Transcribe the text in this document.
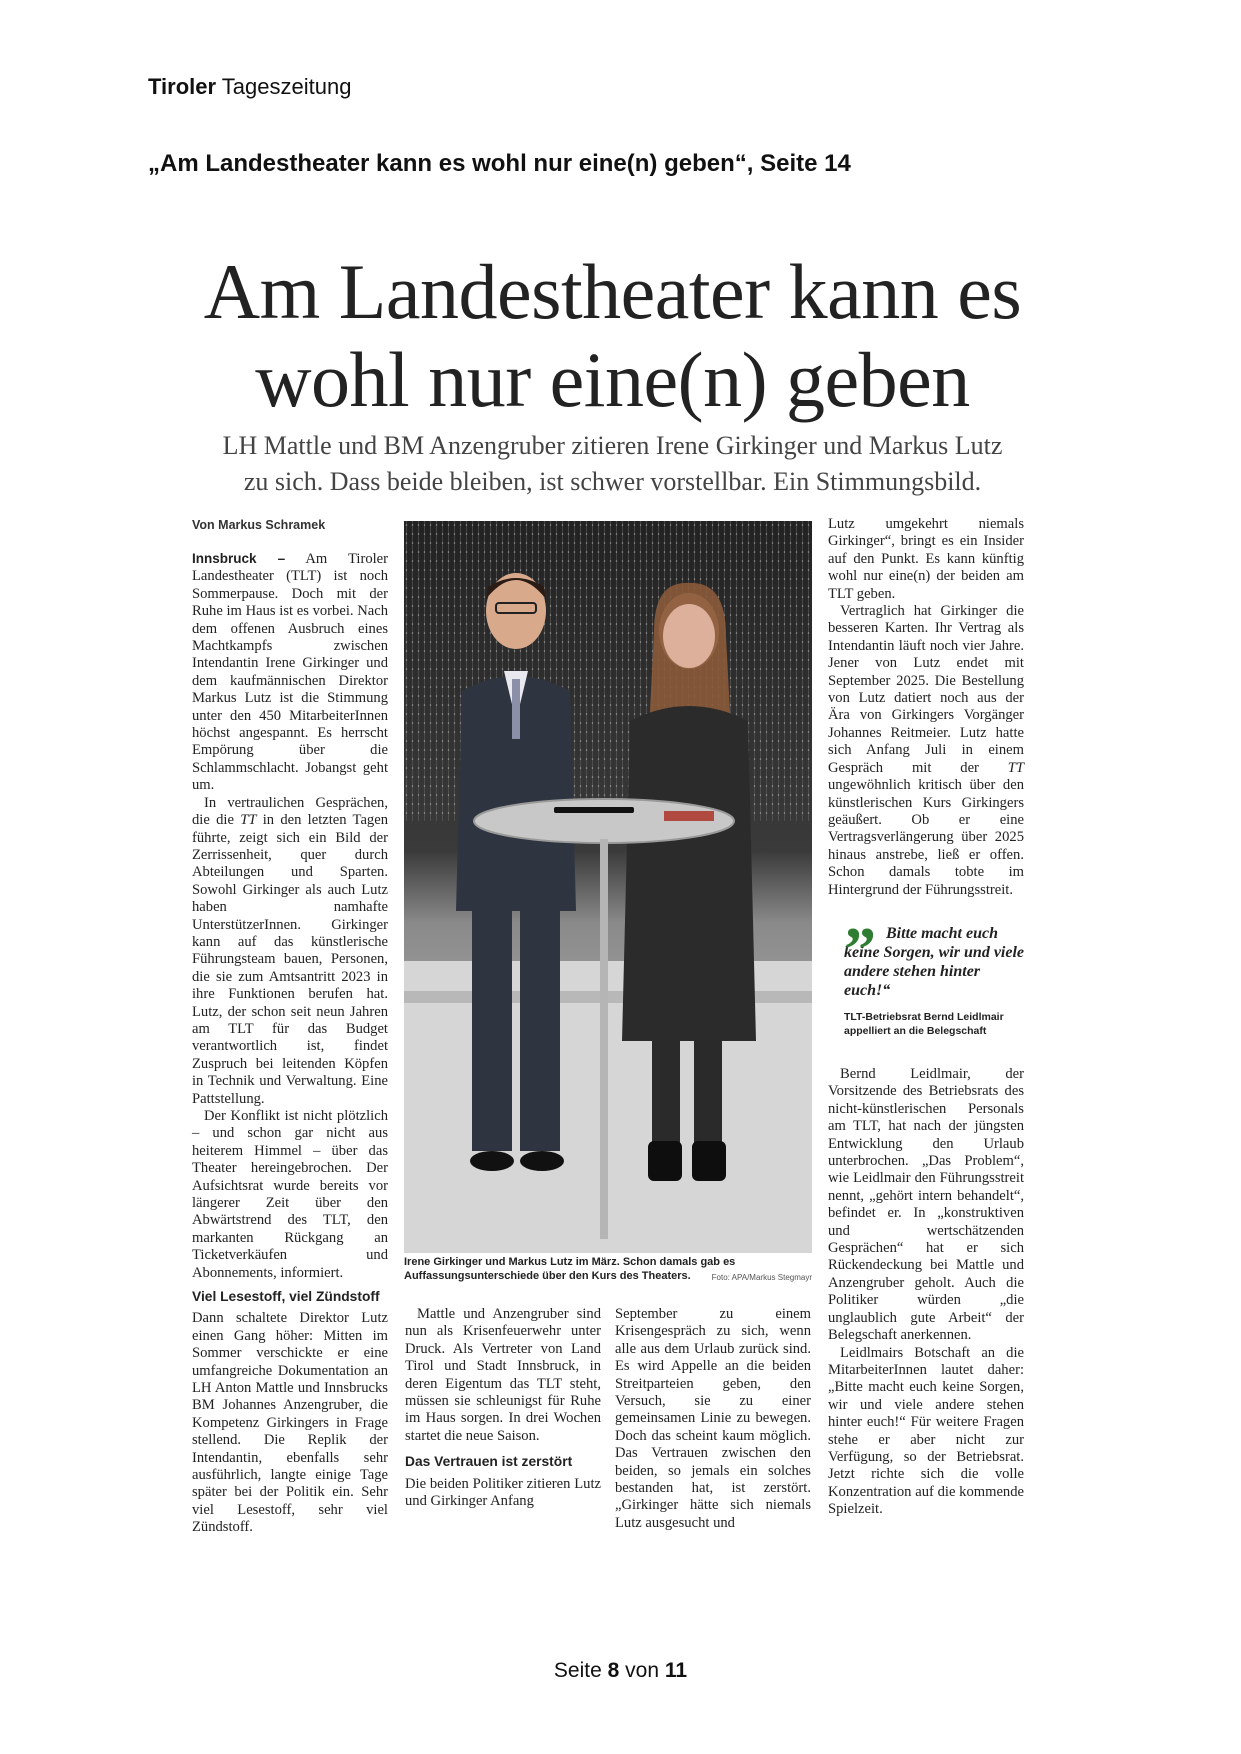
Tiroler Tageszeitung
„Am Landestheater kann es wohl nur eine(n) geben“, Seite 14
Am Landestheater kann es
wohl nur eine(n) geben
LH Mattle und BM Anzengruber zitieren Irene Girkinger und Markus Lutz
zu sich. Dass beide bleiben, ist schwer vorstellbar. Ein Stimmungsbild.
Von Markus Schramek

Innsbruck – Am Tiroler Landestheater (TLT) ist noch Sommerpause. Doch mit der Ruhe im Haus ist es vorbei. Nach dem offenen Ausbruch eines Machtkampfs zwischen Intendantin Irene Girkinger und dem kaufmännischen Direktor Markus Lutz ist die Stimmung unter den 450 MitarbeiterInnen höchst angespannt. Es herrscht Empörung über die Schlammschlacht. Jobangst geht um.

In vertraulichen Gesprächen, die die TT in den letzten Tagen führte, zeigt sich ein Bild der Zerrissenheit, quer durch Abteilungen und Sparten. Sowohl Girkinger als auch Lutz haben namhafte UnterstützerInnen. Girkinger kann auf das künstlerische Führungsteam bauen, Personen, die sie zum Amtsantritt 2023 in ihre Funktionen berufen hat. Lutz, der schon seit neun Jahren am TLT für das Budget verantwortlich ist, findet Zuspruch bei leitenden Köpfen in Technik und Verwaltung. Eine Pattstellung.

Der Konflikt ist nicht plötzlich – und schon gar nicht aus heiterem Himmel – über das Theater hereingebrochen. Der Aufsichtsrat wurde bereits vor längerer Zeit über den Abwärtstrend des TLT, den markanten Rückgang an Ticketverkäufen und Abonnements, informiert.

Viel Lesestoff, viel Zündstoff

Dann schaltete Direktor Lutz einen Gang höher: Mitten im Sommer verschickte er eine umfangreiche Dokumentation an LH Anton Mattle und Innsbrucks BM Johannes Anzengruber, die Kompetenz Girkingers in Frage stellend. Die Replik der Intendantin, ebenfalls sehr ausführlich, langte einige Tage später bei der Politik ein. Sehr viel Lesestoff, sehr viel Zündstoff.

Irene Girkinger und Markus Lutz im März. Schon damals gab es Auffassungsunterschiede über den Kurs des Theaters.	Foto: APA/Markus Stegmayr

Mattle und Anzengruber sind nun als Krisenfeuerwehr unter Druck. Als Vertreter von Land Tirol und Stadt Innsbruck, in deren Eigentum das TLT steht, müssen sie schleunigst für Ruhe im Haus sorgen. In drei Wochen startet die neue Saison.

Das Vertrauen ist zerstört

Die beiden Politiker zitieren Lutz und Girkinger Anfang

September zu einem Krisengespräch zu sich, wenn alle aus dem Urlaub zurück sind. Es wird Appelle an die beiden Streitparteien geben, den Versuch, sie zu einer gemeinsamen Linie zu bewegen. Doch das scheint kaum möglich. Das Vertrauen zwischen den beiden, so jemals ein solches bestanden hat, ist zerstört. „Girkinger hätte sich niemals Lutz ausgesucht und

Lutz umgekehrt niemals Girkinger“, bringt es ein Insider auf den Punkt. Es kann künftig wohl nur eine(n) der beiden am TLT geben.

Vertraglich hat Girkinger die besseren Karten. Ihr Vertrag als Intendantin läuft noch vier Jahre. Jener von Lutz endet mit September 2025. Die Bestellung von Lutz datiert noch aus der Ära von Girkingers Vorgänger Johannes Reitmeier. Lutz hatte sich Anfang Juli in einem Gespräch mit der TT ungewöhnlich kritisch über den künstlerischen Kurs Girkingers geäußert. Ob er eine Vertragsverlängerung über 2025 hinaus anstrebe, ließ er offen. Schon damals tobte im Hintergrund der Führungsstreit.

” Bitte macht euch keine Sorgen, wir und viele andere stehen hinter euch!“
TLT-Betriebsrat Bernd Leidlmair
appelliert an die Belegschaft

Bernd Leidlmair, der Vorsitzende des Betriebsrats des nicht-künstlerischen Personals am TLT, hat nach der jüngsten Entwicklung den Urlaub unterbrochen. „Das Problem“, wie Leidlmair den Führungsstreit nennt, „gehört intern behandelt“, befindet er. In „konstruktiven und wertschätzenden Gesprächen“ hat er sich Rückendeckung bei Mattle und Anzengruber geholt. Auch die Politiker würden „die unglaublich gute Arbeit“ der Belegschaft anerkennen.

Leidlmairs Botschaft an die MitarbeiterInnen lautet daher: „Bitte macht euch keine Sorgen, wir und viele andere stehen hinter euch!“ Für weitere Fragen stehe er aber nicht zur Verfügung, so der Betriebsrat. Jetzt richte sich die volle Konzentration auf die kommende Spielzeit.

Seite 8 von 11
